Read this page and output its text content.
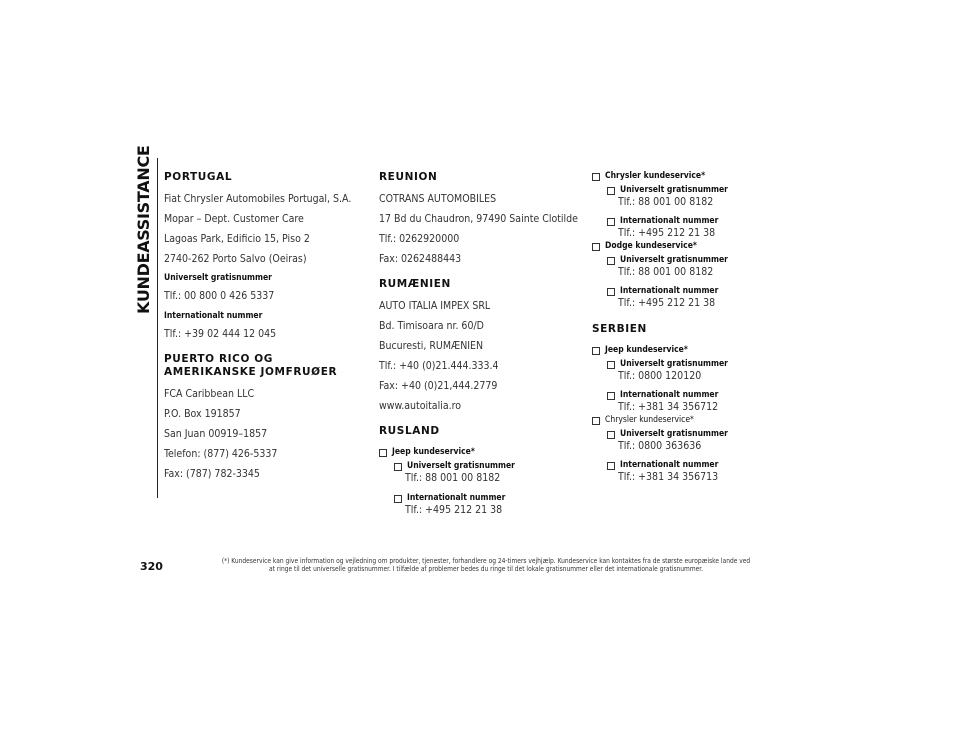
KUNDEASSISTANCE	PORTUGAL
Fiat Chrysler Automobiles Portugal, S.A.
Mopar – Dept. Customer Care
Lagoas Park, Edificio 15, Piso 2
2740-262 Porto Salvo (Oeiras)
Universelt gratisnummer
Tlf.: 00 800 0 426 5337
Internationalt nummer
Tlf.: +39 02 444 12 045
PUERTO RICO OG AMERIKANSKE JOMFRUØER
FCA Caribbean LLC
P.O. Box 191857
San Juan 00919–1857
Telefon: (877) 426-5337
Fax: (787) 782-3345
REUNION
COTRANS AUTOMOBILES
17 Bd du Chaudron, 97490 Sainte Clotilde
Tlf.: 0262920000
Fax: 0262488443
RUMÆNIEN
AUTO ITALIA IMPEX SRL
Bd. Timisoara nr. 60/D
Bucuresti, RUMÆNIEN
Tlf.: +40 (0)21.444.333.4
Fax: +40 (0)21,444.2779
www.autoitalia.ro
RUSLAND
Jeep kundeservice*
Universelt gratisnummer
Tlf.: 88 001 00 8182
Internationalt nummer
Tlf.: +495 212 21 38
Chrysler kundeservice*
Universelt gratisnummer
Tlf.: 88 001 00 8182
Internationalt nummer
Tlf.: +495 212 21 38
Dodge kundeservice*
Universelt gratisnummer
Tlf.: 88 001 00 8182
Internationalt nummer
Tlf.: +495 212 21 38
SERBIEN
Jeep kundeservice*
Universelt gratisnummer
Tlf.: 0800 120120
Internationalt nummer
Tlf.: +381 34 356712
Chrysler kundeservice*
Universelt gratisnummer
Tlf.: 0800 363636
Internationalt nummer
Tlf.: +381 34 356713
320	(*) Kundeservice kan give information og vejledning om produkter, tjenester, forhandlere og 24-timers vejhjælp. Kundeservice kan kontaktes fra de største europæiske lande ved
at ringe til det universelle gratisnummer. I tilfælde af problemer bedes du ringe til det lokale gratisnummer eller det internationale gratisnummer.
